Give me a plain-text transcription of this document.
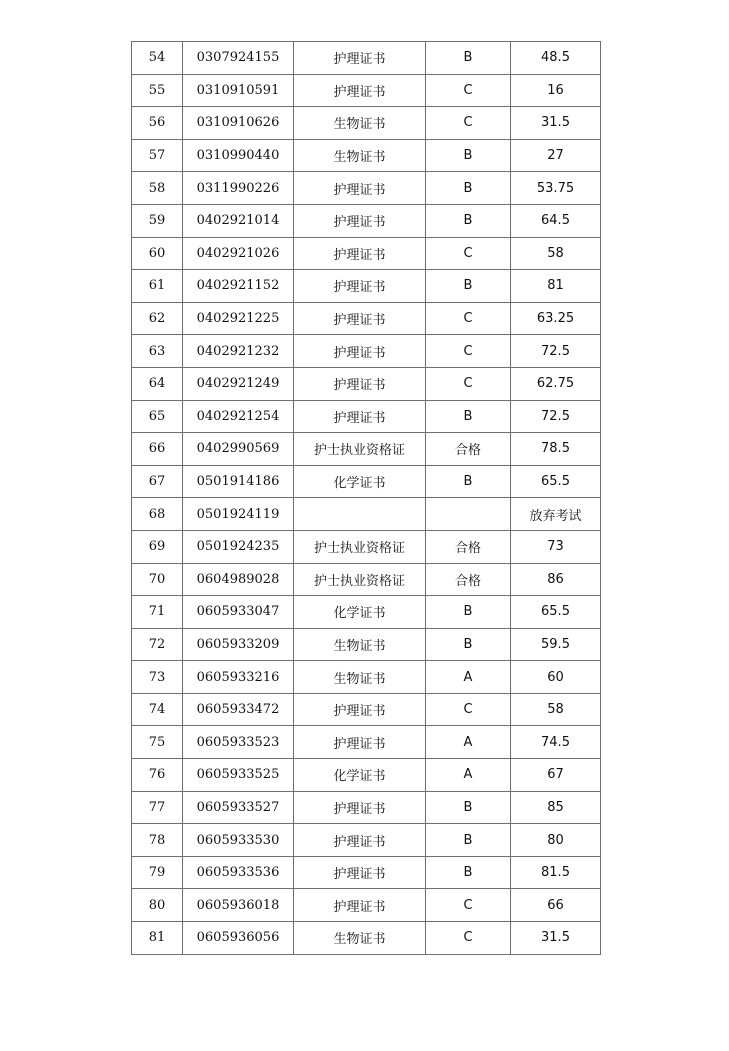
54	0307924155	护理证书	B	48.5
55	0310910591	护理证书	C	16
56	0310910626	生物证书	C	31.5
57	0310990440	生物证书	B	27
58	0311990226	护理证书	B	53.75
59	0402921014	护理证书	B	64.5
60	0402921026	护理证书	C	58
61	0402921152	护理证书	B	81
62	0402921225	护理证书	C	63.25
63	0402921232	护理证书	C	72.5
64	0402921249	护理证书	C	62.75
65	0402921254	护理证书	B	72.5
66	0402990569	护士执业资格证	合格	78.5
67	0501914186	化学证书	B	65.5
68	0501924119			放弃考试
69	0501924235	护士执业资格证	合格	73
70	0604989028	护士执业资格证	合格	86
71	0605933047	化学证书	B	65.5
72	0605933209	生物证书	B	59.5
73	0605933216	生物证书	A	60
74	0605933472	护理证书	C	58
75	0605933523	护理证书	A	74.5
76	0605933525	化学证书	A	67
77	0605933527	护理证书	B	85
78	0605933530	护理证书	B	80
79	0605933536	护理证书	B	81.5
80	0605936018	护理证书	C	66
81	0605936056	生物证书	C	31.5
